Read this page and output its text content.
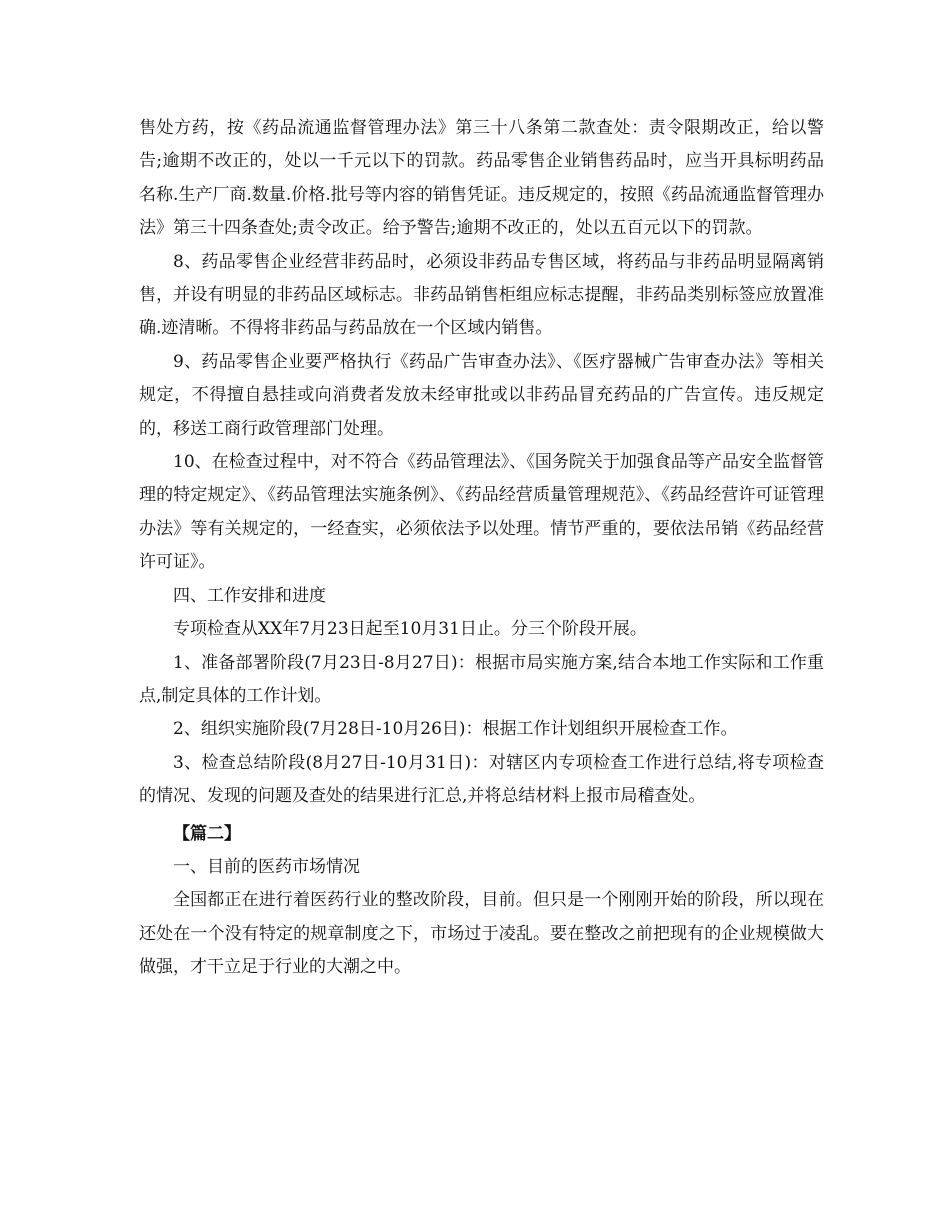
售处方药，按《药品流通监督管理办法》第三十八条第二款查处：责令限期改正，给以警告;逾期不改正的，处以一千元以下的罚款。药品零售企业销售药品时，应当开具标明药品名称.生产厂商.数量.价格.批号等内容的销售凭证。违反规定的，按照《药品流通监督管理办法》第三十四条查处;责令改正。给予警告;逾期不改正的，处以五百元以下的罚款。

8、药品零售企业经营非药品时，必须设非药品专售区域，将药品与非药品明显隔离销售，并设有明显的非药品区域标志。非药品销售柜组应标志提醒，非药品类别标签应放置准确.迹清晰。不得将非药品与药品放在一个区域内销售。

9、药品零售企业要严格执行《药品广告审查办法》、《医疗器械广告审查办法》等相关规定，不得擅自悬挂或向消费者发放未经审批或以非药品冒充药品的广告宣传。违反规定的，移送工商行政管理部门处理。

10、在检查过程中，对不符合《药品管理法》、《国务院关于加强食品等产品安全监督管理的特定规定》、《药品管理法实施条例》、《药品经营质量管理规范》、《药品经营许可证管理办法》等有关规定的，一经查实，必须依法予以处理。情节严重的，要依法吊销《药品经营许可证》。

四、工作安排和进度

专项检查从XX年7月23日起至10月31日止。分三个阶段开展。

1、准备部署阶段(7月23日-8月27日)：根据市局实施方案,结合本地工作实际和工作重点,制定具体的工作计划。

2、组织实施阶段(7月28日-10月26日)：根据工作计划组织开展检查工作。

3、检查总结阶段(8月27日-10月31日)：对辖区内专项检查工作进行总结,将专项检查的情况、发现的问题及查处的结果进行汇总,并将总结材料上报市局稽查处。

【篇二】

一、目前的医药市场情况

全国都正在进行着医药行业的整改阶段，目前。但只是一个刚刚开始的阶段，所以现在还处在一个没有特定的规章制度之下，市场过于凌乱。要在整改之前把现有的企业规模做大做强，才干立足于行业的大潮之中。
